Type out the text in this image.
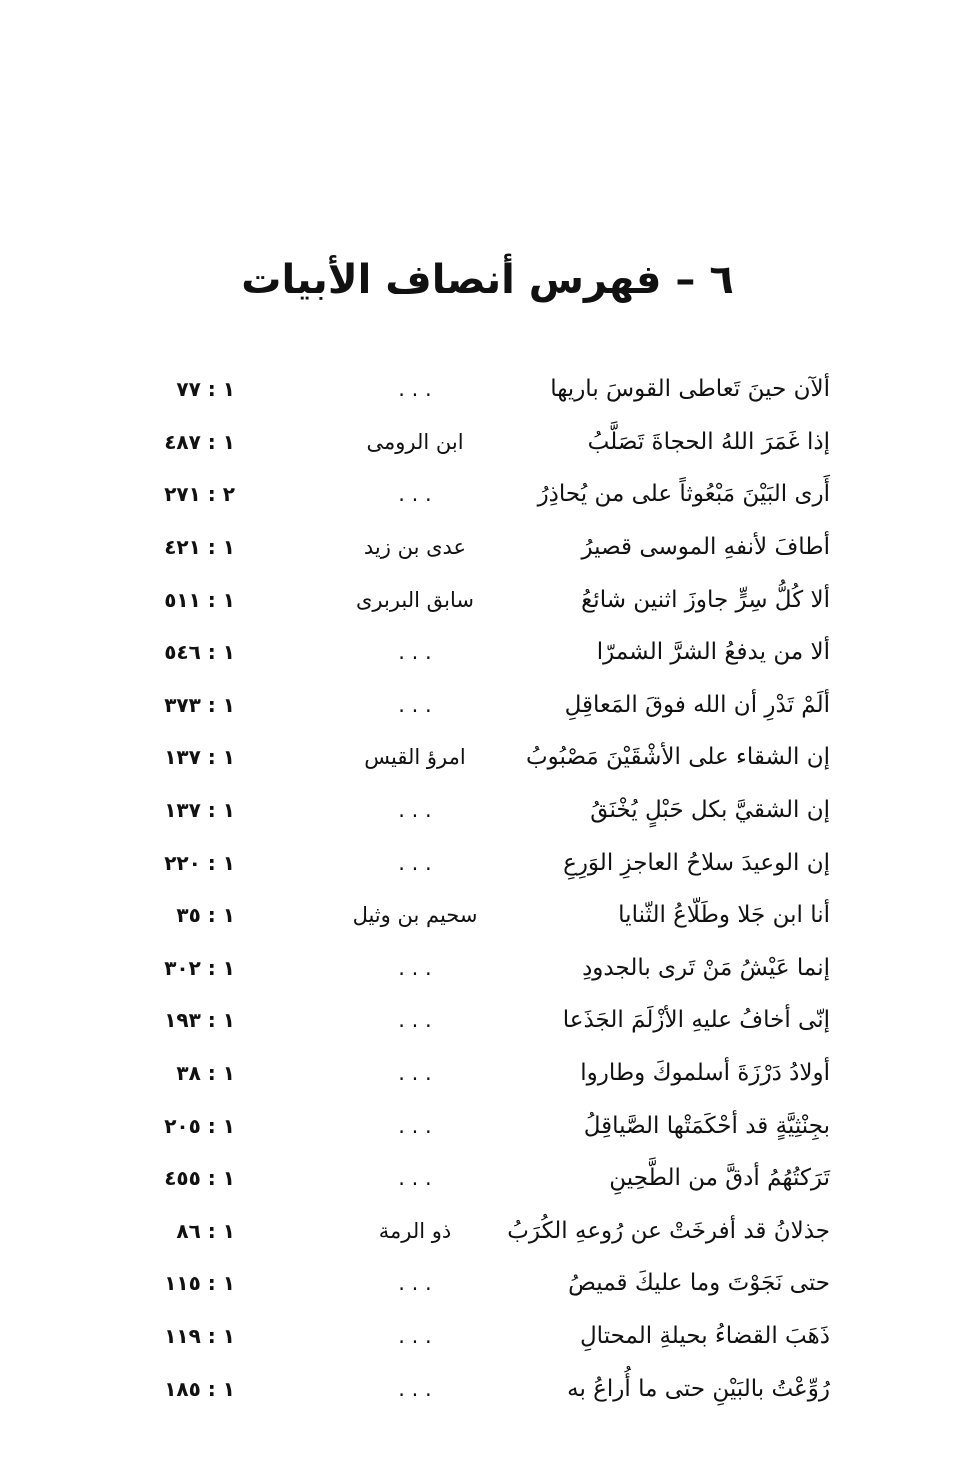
٦ – فهرس أنصاف الأبيات
١ : ٧٧	. . .	ألآن حينَ تَعاطى القوسَ باريها
١ : ٤٨٧	ابن الرومى	إذا غَمَرَ اللهُ الحجاةَ تَصَلَّبُ
٢ : ٢٧١	. . .	أَرى البَيْنَ مَبْعُوثاً على من يُحاذِرُ
١ : ٤٢١	عدى بن زيد	أطافَ لأنفهِ الموسى قصيرُ
١ : ٥١١	سابق البربرى	ألا كُلُّ سِرٍّ جاوزَ اثنين شائعُ
١ : ٥٤٦	. . .	ألا من يدفعُ الشرَّ الشمرّا
١ : ٣٧٣	. . .	ألَمْ تَدْرِ أن الله فوقَ المَعاقِلِ
١ : ١٣٧	امرؤ القيس	إن الشقاء على الأشْقَيْنَ مَصْبُوبُ
١ : ١٣٧	. . .	إن الشقيَّ بكل حَبْلٍ يُخْنَقُ
١ : ٢٢٠	. . .	إن الوعيدَ سلاحُ العاجزِ الوَرِعِ
١ : ٣٥	سحيم بن وثيل	أنا ابن جَلا وطَلّاعُ الثّنايا
١ : ٣٠٢	. . .	إنما عَيْشُ مَنْ تَرى بالجدودِ
١ : ١٩٣	. . .	إنّى أخافُ عليهِ الأزْلَمَ الجَذَعا
١ : ٣٨	. . .	أولادُ دَرْزَةَ أسلموكَ وطاروا
١ : ٢٠٥	. . .	بجِنْثِيَّةٍ قد أحْكَمَتْها الصَّياقِلُ
١ : ٤٥٥	. . .	تَرَكتُهُمُ أدقَّ من الطَّحِينِ
١ : ٨٦	ذو الرمة	جذلانُ قد أفرخَتْ عن رُوعهِ الكُرَبُ
١ : ١١٥	. . .	حتى نَجَوْتَ وما عليكَ قميصُ
١ : ١١٩	. . .	ذَهَبَ القضاءُ بحيلةِ المحتالِ
١ : ١٨٥	. . .	رُوِّعْتُ بالبَيْنِ حتى ما أُراعُ به
